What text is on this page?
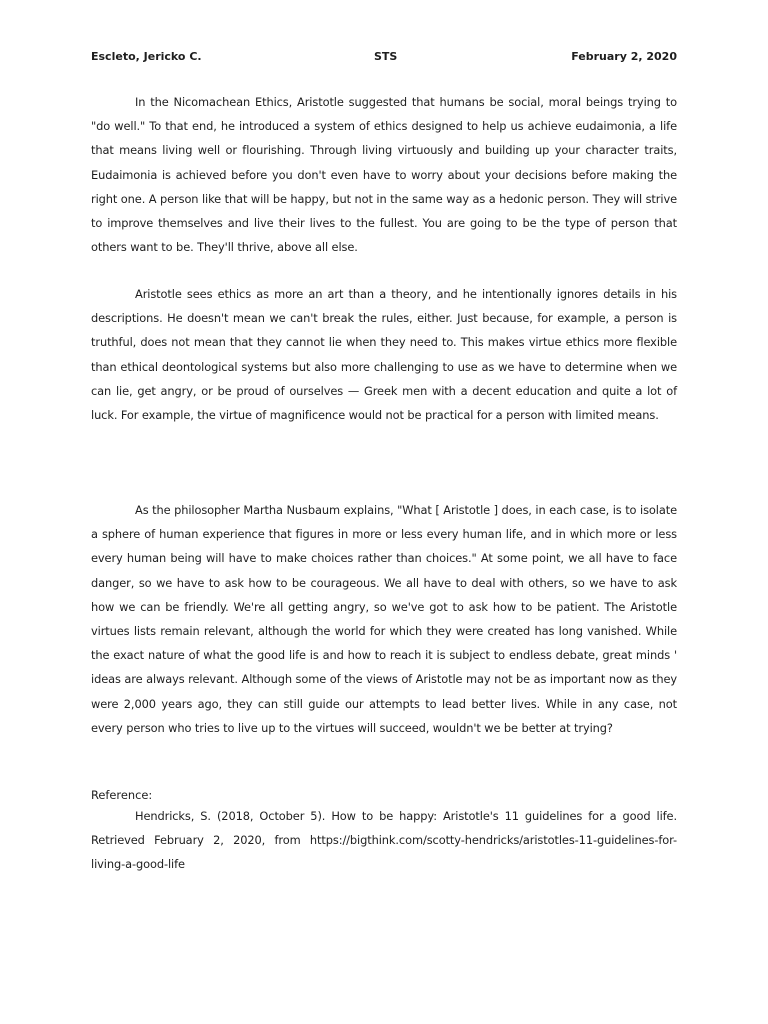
Escleto, Jericko C.	STS	February 2, 2020

In the Nicomachean Ethics, Aristotle suggested that humans be social, moral beings trying to "do well." To that end, he introduced a system of ethics designed to help us achieve eudaimonia, a life that means living well or flourishing. Through living virtuously and building up your character traits, Eudaimonia is achieved before you don't even have to worry about your decisions before making the right one. A person like that will be happy, but not in the same way as a hedonic person. They will strive to improve themselves and live their lives to the fullest. You are going to be the type of person that others want to be. They'll thrive, above all else.

Aristotle sees ethics as more an art than a theory, and he intentionally ignores details in his descriptions. He doesn't mean we can't break the rules, either. Just because, for example, a person is truthful, does not mean that they cannot lie when they need to. This makes virtue ethics more flexible than ethical deontological systems but also more challenging to use as we have to determine when we can lie, get angry, or be proud of ourselves — Greek men with a decent education and quite a lot of luck. For example, the virtue of magnificence would not be practical for a person with limited means.

As the philosopher Martha Nusbaum explains, "What [ Aristotle ] does, in each case, is to isolate a sphere of human experience that figures in more or less every human life, and in which more or less every human being will have to make choices rather than choices." At some point, we all have to face danger, so we have to ask how to be courageous. We all have to deal with others, so we have to ask how we can be friendly. We're all getting angry, so we've got to ask how to be patient. The Aristotle virtues lists remain relevant, although the world for which they were created has long vanished. While the exact nature of what the good life is and how to reach it is subject to endless debate, great minds ' ideas are always relevant. Although some of the views of Aristotle may not be as important now as they were 2,000 years ago, they can still guide our attempts to lead better lives. While in any case, not every person who tries to live up to the virtues will succeed, wouldn't we be better at trying?

Reference:

Hendricks, S. (2018, October 5). How to be happy: Aristotle's 11 guidelines for a good life. Retrieved February 2, 2020, from https://bigthink.com/scotty-hendricks/aristotles-11-guidelines-for-living-a-good-life
